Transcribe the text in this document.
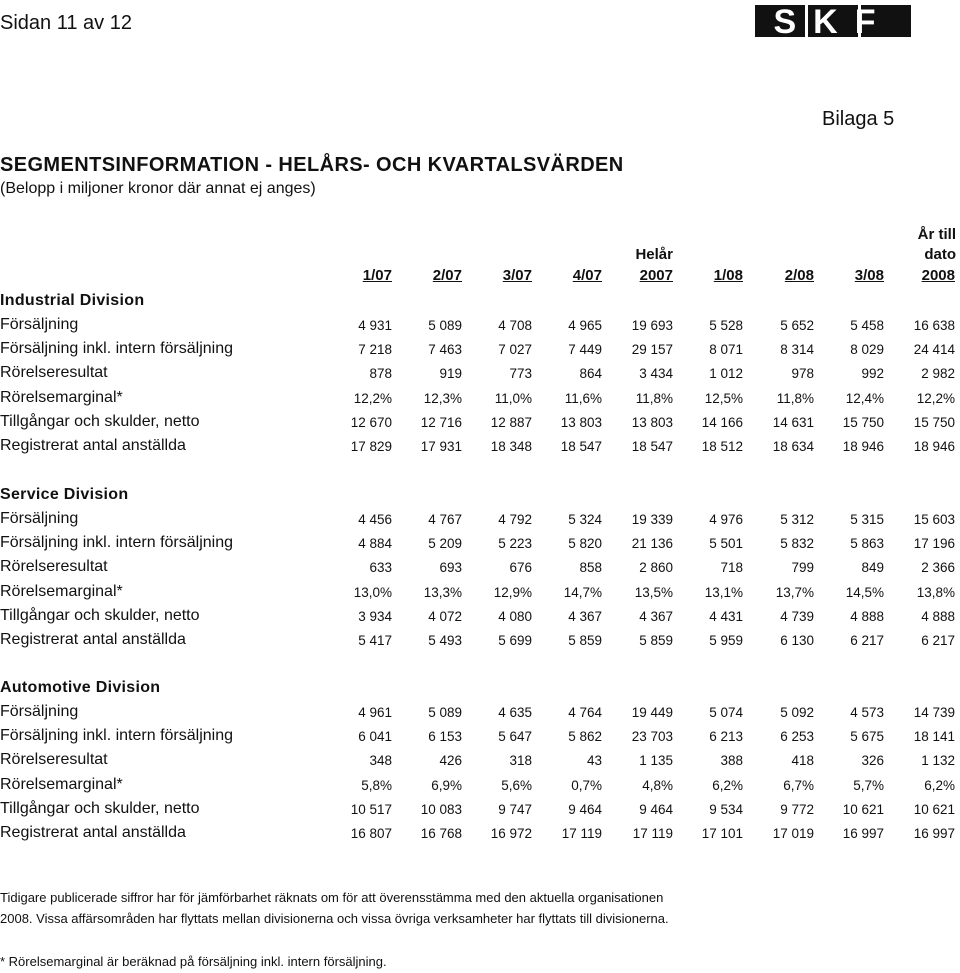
Sidan 11 av 12	SKF
Bilaga 5
SEGMENTSINFORMATION - HELÅRS- OCH KVARTALSVÄRDEN
(Belopp i miljoner kronor där annat ej anges)
Helår
År till
dato
1/07	2/07	3/07	4/07	2007	1/08	2/08	3/08	2008
Industrial Division
Försäljning	4 931	5 089	4 708	4 965	19 693	5 528	5 652	5 458	16 638
Försäljning inkl. intern försäljning	7 218	7 463	7 027	7 449	29 157	8 071	8 314	8 029	24 414
Rörelseresultat	878	919	773	864	3 434	1 012	978	992	2 982
Rörelsemarginal*	12,2%	12,3%	11,0%	11,6%	11,8%	12,5%	11,8%	12,4%	12,2%
Tillgångar och skulder, netto	12 670	12 716	12 887	13 803	13 803	14 166	14 631	15 750	15 750
Registrerat antal anställda	17 829	17 931	18 348	18 547	18 547	18 512	18 634	18 946	18 946
Service Division
Försäljning	4 456	4 767	4 792	5 324	19 339	4 976	5 312	5 315	15 603
Försäljning inkl. intern försäljning	4 884	5 209	5 223	5 820	21 136	5 501	5 832	5 863	17 196
Rörelseresultat	633	693	676	858	2 860	718	799	849	2 366
Rörelsemarginal*	13,0%	13,3%	12,9%	14,7%	13,5%	13,1%	13,7%	14,5%	13,8%
Tillgångar och skulder, netto	3 934	4 072	4 080	4 367	4 367	4 431	4 739	4 888	4 888
Registrerat antal anställda	5 417	5 493	5 699	5 859	5 859	5 959	6 130	6 217	6 217
Automotive Division
Försäljning	4 961	5 089	4 635	4 764	19 449	5 074	5 092	4 573	14 739
Försäljning inkl. intern försäljning	6 041	6 153	5 647	5 862	23 703	6 213	6 253	5 675	18 141
Rörelseresultat	348	426	318	43	1 135	388	418	326	1 132
Rörelsemarginal*	5,8%	6,9%	5,6%	0,7%	4,8%	6,2%	6,7%	5,7%	6,2%
Tillgångar och skulder, netto	10 517	10 083	9 747	9 464	9 464	9 534	9 772	10 621	10 621
Registrerat antal anställda	16 807	16 768	16 972	17 119	17 119	17 101	17 019	16 997	16 997
Tidigare publicerade siffror har för jämförbarhet räknats om för att överensstämma med den aktuella organisationen
2008. Vissa affärsområden har flyttats mellan divisionerna och vissa övriga verksamheter har flyttats till divisionerna.
* Rörelsemarginal är beräknad på försäljning inkl. intern försäljning.
